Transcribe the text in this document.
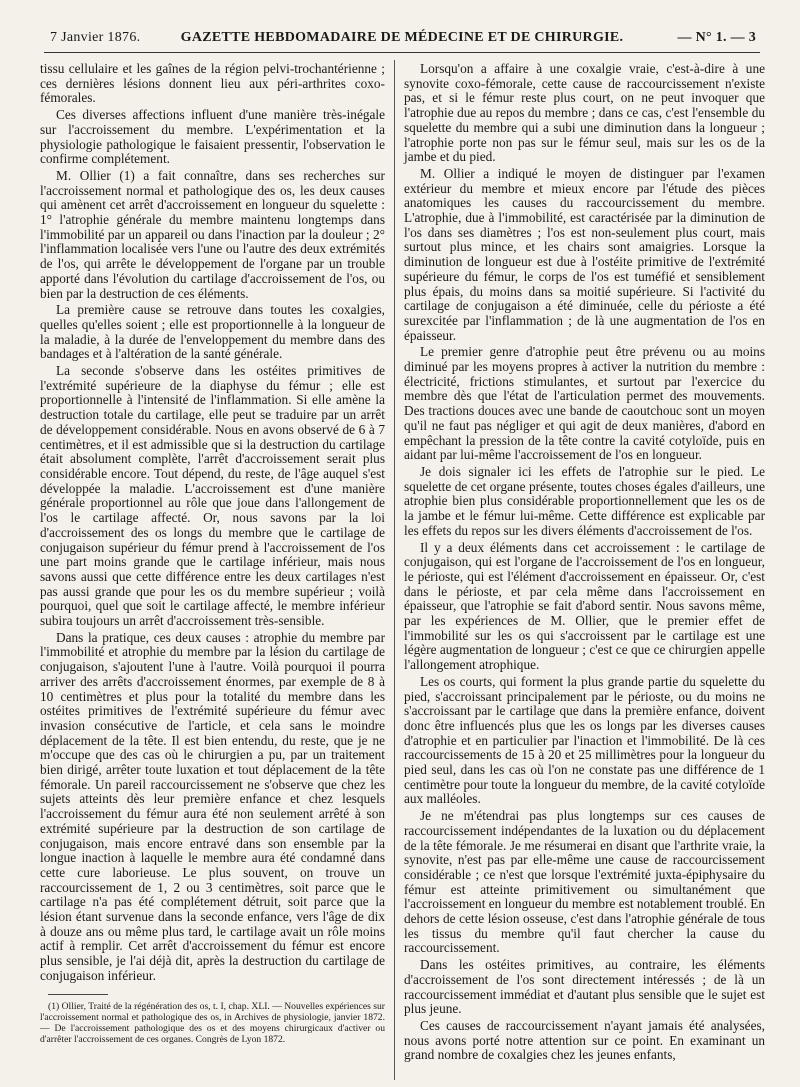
7 Janvier 1876.	GAZETTE HEBDOMADAIRE DE MÉDECINE ET DE CHIRURGIE.	— N° 1. — 3

tissu cellulaire et les gaînes de la région pelvi-trochantérienne ; ces dernières lésions donnent lieu aux péri-arthrites coxo-fémorales.

Ces diverses affections influent d'une manière très-inégale sur l'accroissement du membre. L'expérimentation et la physiologie pathologique le faisaient pressentir, l'observation le confirme complétement.

M. Ollier (1) a fait connaître, dans ses recherches sur l'accroissement normal et pathologique des os, les deux causes qui amènent cet arrêt d'accroissement en longueur du squelette : 1° l'atrophie générale du membre maintenu longtemps dans l'immobilité par un appareil ou dans l'inaction par la douleur ; 2° l'inflammation localisée vers l'une ou l'autre des deux extrémités de l'os, qui arrête le développement de l'organe par un trouble apporté dans l'évolution du cartilage d'accroissement de l'os, ou bien par la destruction de ces éléments.

La première cause se retrouve dans toutes les coxalgies, quelles qu'elles soient ; elle est proportionnelle à la longueur de la maladie, à la durée de l'enveloppement du membre dans des bandages et à l'altération de la santé générale.

La seconde s'observe dans les ostéites primitives de l'extrémité supérieure de la diaphyse du fémur ; elle est proportionnelle à l'intensité de l'inflammation. Si elle amène la destruction totale du cartilage, elle peut se traduire par un arrêt de développement considérable. Nous en avons observé de 6 à 7 centimètres, et il est admissible que si la destruction du cartilage était absolument complète, l'arrêt d'accroissement serait plus considérable encore. Tout dépend, du reste, de l'âge auquel s'est développée la maladie. L'accroissement est d'une manière générale proportionnel au rôle que joue dans l'allongement de l'os le cartilage affecté. Or, nous savons par la loi d'accroissement des os longs du membre que le cartilage de conjugaison supérieur du fémur prend à l'accroissement de l'os une part moins grande que le cartilage inférieur, mais nous savons aussi que cette différence entre les deux cartilages n'est pas aussi grande que pour les os du membre supérieur ; voilà pourquoi, quel que soit le cartilage affecté, le membre inférieur subira toujours un arrêt d'accroissement très-sensible.

Dans la pratique, ces deux causes : atrophie du membre par l'immobilité et atrophie du membre par la lésion du cartilage de conjugaison, s'ajoutent l'une à l'autre. Voilà pourquoi il pourra arriver des arrêts d'accroissement énormes, par exemple de 8 à 10 centimètres et plus pour la totalité du membre dans les ostéites primitives de l'extrémité supérieure du fémur avec invasion consécutive de l'article, et cela sans le moindre déplacement de la tête. Il est bien entendu, du reste, que je ne m'occupe que des cas où le chirurgien a pu, par un traitement bien dirigé, arrêter toute luxation et tout déplacement de la tête fémorale. Un pareil raccourcissement ne s'observe que chez les sujets atteints dès leur première enfance et chez lesquels l'accroissement du fémur aura été non seulement arrêté à son extrémité supérieure par la destruction de son cartilage de conjugaison, mais encore entravé dans son ensemble par la longue inaction à laquelle le membre aura été condamné dans cette cure laborieuse. Le plus souvent, on trouve un raccourcissement de 1, 2 ou 3 centimètres, soit parce que le cartilage n'a pas été complétement détruit, soit parce que la lésion étant survenue dans la seconde enfance, vers l'âge de dix à douze ans ou même plus tard, le cartilage avait un rôle moins actif à remplir. Cet arrêt d'accroissement du fémur est encore plus sensible, je l'ai déjà dit, après la destruction du cartilage de conjugaison inférieur.

(1) Ollier, Traité de la régénération des os, t. I, chap. XLI. — Nouvelles expériences sur l'accroissement normal et pathologique des os, in Archives de physiologie, janvier 1872. — De l'accroissement pathologique des os et des moyens chirurgicaux d'activer ou d'arrêter l'accroissement de ces organes. Congrès de Lyon 1872.

Lorsqu'on a affaire à une coxalgie vraie, c'est-à-dire à une synovite coxo-fémorale, cette cause de raccourcissement n'existe pas, et si le fémur reste plus court, on ne peut invoquer que l'atrophie due au repos du membre ; dans ce cas, c'est l'ensemble du squelette du membre qui a subi une diminution dans la longueur ; l'atrophie porte non pas sur le fémur seul, mais sur les os de la jambe et du pied.

M. Ollier a indiqué le moyen de distinguer par l'examen extérieur du membre et mieux encore par l'étude des pièces anatomiques les causes du raccourcissement du membre. L'atrophie, due à l'immobilité, est caractérisée par la diminution de l'os dans ses diamètres ; l'os est non-seulement plus court, mais surtout plus mince, et les chairs sont amaigries. Lorsque la diminution de longueur est due à l'ostéite primitive de l'extrémité supérieure du fémur, le corps de l'os est tuméfié et sensiblement plus épais, du moins dans sa moitié supérieure. Si l'activité du cartilage de conjugaison a été diminuée, celle du périoste a été surexcitée par l'inflammation ; de là une augmentation de l'os en épaisseur.

Le premier genre d'atrophie peut être prévenu ou au moins diminué par les moyens propres à activer la nutrition du membre : électricité, frictions stimulantes, et surtout par l'exercice du membre dès que l'état de l'articulation permet des mouvements. Des tractions douces avec une bande de caoutchouc sont un moyen qu'il ne faut pas négliger et qui agit de deux manières, d'abord en empêchant la pression de la tête contre la cavité cotyloïde, puis en aidant par lui-même l'accroissement de l'os en longueur.

Je dois signaler ici les effets de l'atrophie sur le pied. Le squelette de cet organe présente, toutes choses égales d'ailleurs, une atrophie bien plus considérable proportionnellement que les os de la jambe et le fémur lui-même. Cette différence est explicable par les effets du repos sur les divers éléments d'accroissement de l'os.

Il y a deux éléments dans cet accroissement : le cartilage de conjugaison, qui est l'organe de l'accroissement de l'os en longueur, le périoste, qui est l'élément d'accroissement en épaisseur. Or, c'est dans le périoste, et par cela même dans l'accroissement en épaisseur, que l'atrophie se fait d'abord sentir. Nous savons même, par les expériences de M. Ollier, que le premier effet de l'immobilité sur les os qui s'accroissent par le cartilage est une légère augmentation de longueur ; c'est ce que ce chirurgien appelle l'allongement atrophique.

Les os courts, qui forment la plus grande partie du squelette du pied, s'accroissant principalement par le périoste, ou du moins ne s'accroissant par le cartilage que dans la première enfance, doivent donc être influencés plus que les os longs par les diverses causes d'atrophie et en particulier par l'inaction et l'immobilité. De là ces raccourcissements de 15 à 20 et 25 millimètres pour la longueur du pied seul, dans les cas où l'on ne constate pas une différence de 1 centimètre pour toute la longueur du membre, de la cavité cotyloïde aux malléoles.

Je ne m'étendrai pas plus longtemps sur ces causes de raccourcissement indépendantes de la luxation ou du déplacement de la tête fémorale. Je me résumerai en disant que l'arthrite vraie, la synovite, n'est pas par elle-même une cause de raccourcissement considérable ; ce n'est que lorsque l'extrémité juxta-épiphysaire du fémur est atteinte primitivement ou simultanément que l'accroissement en longueur du membre est notablement troublé. En dehors de cette lésion osseuse, c'est dans l'atrophie générale de tous les tissus du membre qu'il faut chercher la cause du raccourcissement.

Dans les ostéites primitives, au contraire, les éléments d'accroissement de l'os sont directement intéressés ; de là un raccourcissement immédiat et d'autant plus sensible que le sujet est plus jeune.

Ces causes de raccourcissement n'ayant jamais été analysées, nous avons porté notre attention sur ce point. En examinant un grand nombre de coxalgies chez les jeunes enfants,
